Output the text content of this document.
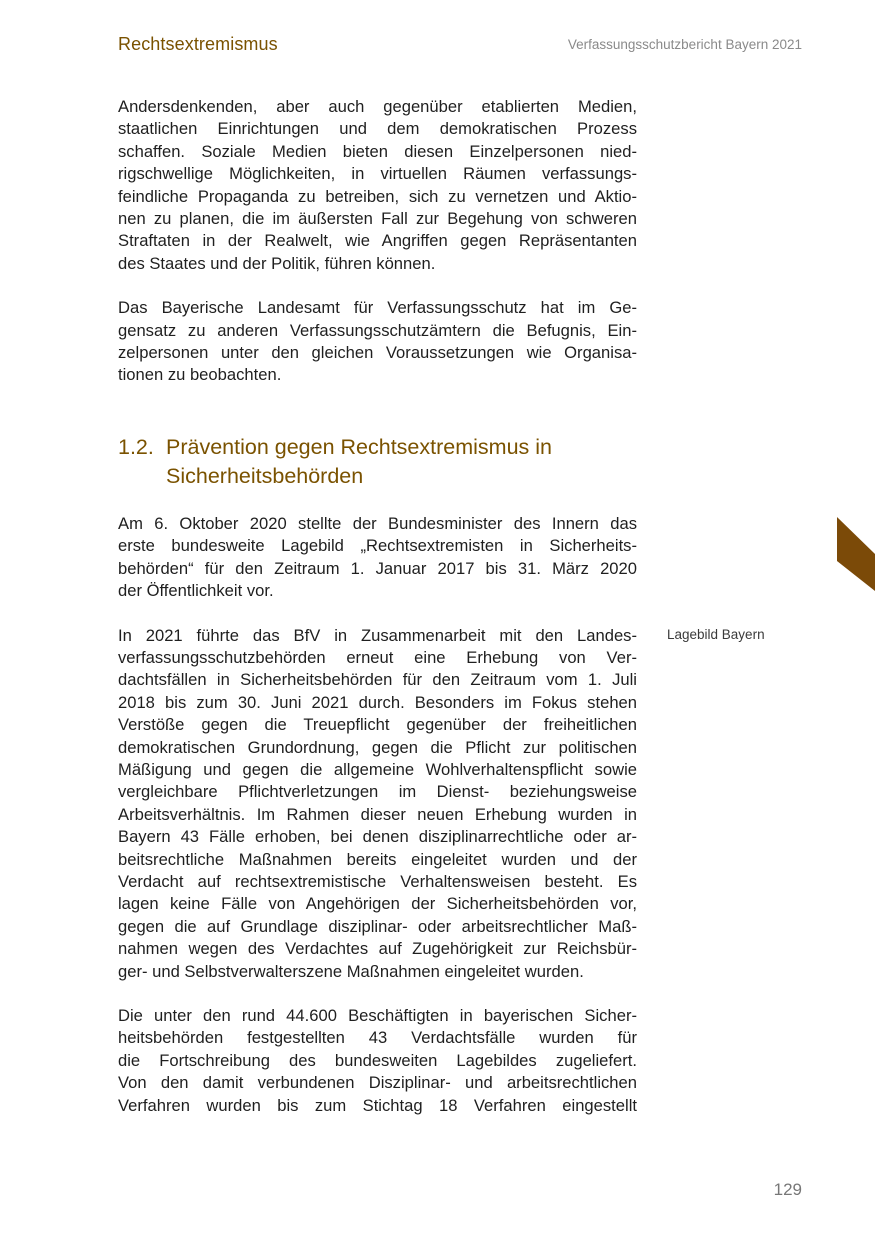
Rechtsextremismus	Verfassungsschutzbericht Bayern 2021

Andersdenkenden, aber auch gegenüber etablierten Medien,
staatlichen Einrichtungen und dem demokratischen Prozess
schaffen. Soziale Medien bieten diesen Einzelpersonen nied-
rigschwellige Möglichkeiten, in virtuellen Räumen verfassungs-
feindliche Propaganda zu betreiben, sich zu vernetzen und Aktio-
nen zu planen, die im äußersten Fall zur Begehung von schweren
Straftaten in der Realwelt, wie Angriffen gegen Repräsentanten
des Staates und der Politik, führen können.

Das Bayerische Landesamt für Verfassungsschutz hat im Ge-
gensatz zu anderen Verfassungsschutzämtern die Befugnis, Ein-
zelpersonen unter den gleichen Voraussetzungen wie Organisa-
tionen zu beobachten.

1.2. Prävention gegen Rechtsextremismus in
Sicherheitsbehörden

Am 6. Oktober 2020 stellte der Bundesminister des Innern das
erste bundesweite Lagebild „Rechtsextremisten in Sicherheits-
behörden“ für den Zeitraum 1. Januar 2017 bis 31. März 2020
der Öffentlichkeit vor.

In 2021 führte das BfV in Zusammenarbeit mit den Landes-
verfassungsschutzbehörden erneut eine Erhebung von Ver-
dachtsfällen in Sicherheitsbehörden für den Zeitraum vom 1. Juli
2018 bis zum 30. Juni 2021 durch. Besonders im Fokus stehen
Verstöße gegen die Treuepflicht gegenüber der freiheitlichen
demokratischen Grundordnung, gegen die Pflicht zur politischen
Mäßigung und gegen die allgemeine Wohlverhaltenspflicht sowie
vergleichbare Pflichtverletzungen im Dienst- beziehungsweise
Arbeitsverhältnis. Im Rahmen dieser neuen Erhebung wurden in
Bayern 43 Fälle erhoben, bei denen disziplinarrechtliche oder ar-
beitsrechtliche Maßnahmen bereits eingeleitet wurden und der
Verdacht auf rechtsextremistische Verhaltensweisen besteht. Es
lagen keine Fälle von Angehörigen der Sicherheitsbehörden vor,
gegen die auf Grundlage disziplinar- oder arbeitsrechtlicher Maß-
nahmen wegen des Verdachtes auf Zugehörigkeit zur Reichsbür-
ger- und Selbstverwalterszene Maßnahmen eingeleitet wurden.

Die unter den rund 44.600 Beschäftigten in bayerischen Sicher-
heitsbehörden festgestellten 43 Verdachtsfälle wurden für
die Fortschreibung des bundesweiten Lagebildes zugeliefert.
Von den damit verbundenen Disziplinar- und arbeitsrechtlichen
Verfahren wurden bis zum Stichtag 18 Verfahren eingestellt

Lagebild Bayern
129
